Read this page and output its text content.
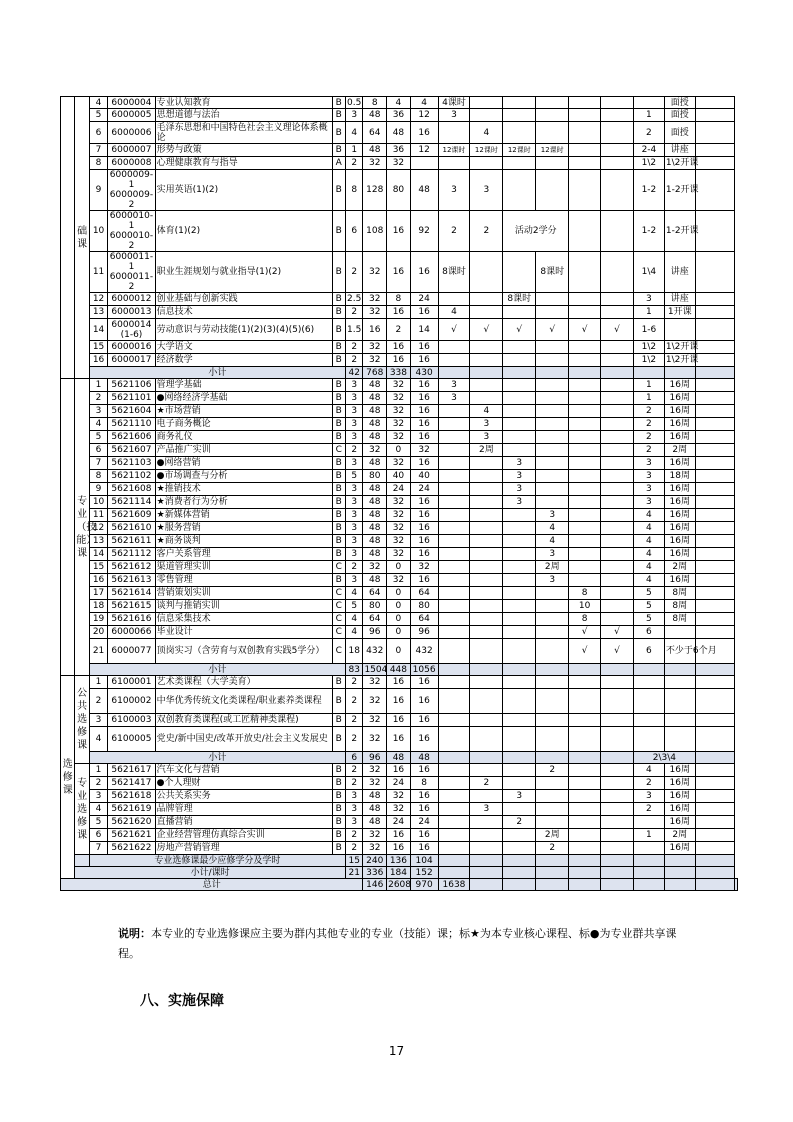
	础课	4	6000004	专业认知教育	B	0.5	8	4	4	4课时							面授		
		5	6000005	思想道德与法治	B	3	48	36	12	3						1	面授		
		6	6000006	毛泽东思想和中国特色社会主义理论体系概论	B	4	64	48	16		4					2	面授		
		7	6000007	形势与政策	B	1	48	36	12	12课时	12课时	12课时	12课时			2-4	讲座		
		8	6000008	心理健康教育与指导	A	2	32	32								1\2	1\2开课		
		9	6000009-1
6000009-2	实用英语(1)(2)	B	8	128	80	48	3	3					1-2	1-2开课		
		10	6000010-1
6000010-2	体育(1)(2)	B	6	108	16	92	2	2	活动2学分				1-2	1-2开课		
		11	6000011-1
6000011-2	职业生涯规划与就业指导(1)(2)	B	2	32	16	16	8课时			8课时			1\4	讲座		
		12	6000012	创业基础与创新实践	B	2.5	32	8	24			8课时				3	讲座		
		13	6000013	信息技术	B	2	32	16	16	4						1	1开课		
		14	6000014
(1-6)	劳动意识与劳动技能(1)(2)(3)(4)(5)(6)	B	1.5	16	2	14	√	√	√	√	√	√	1-6			
		15	6000016	大学语文	B	2	32	16	16							1\2	1\2开课		
		16	6000017	经济数学	B	2	32	16	16							1\2	1\2开课		
		小计				42	768	338	430										
	专业（技能）课	1	5621106	管理学基础	B	3	48	32	16	3						1	16周		
		2	5621101	●网络经济学基础	B	3	48	32	16	3						1	16周		
		3	5621604	★市场营销	B	3	48	32	16		4					2	16周		
		4	5621110	电子商务概论	B	3	48	32	16		3					2	16周		
		5	5621606	商务礼仪	B	3	48	32	16		3					2	16周		
		6	5621607	产品推广实训	C	2	32	0	32		2周					2	2周		
		7	5621103	●网络营销	B	3	48	32	16			3				3	16周		
		8	5621102	●市场调查与分析	B	5	80	40	40			3				3	18周		
		9	5621608	★推销技术	B	3	48	24	24			3				3	16周		
		10	5621114	★消费者行为分析	B	3	48	32	16			3				3	16周		
		11	5621609	★新媒体营销	B	3	48	32	16				3			4	16周		
		12	5621610	★服务营销	B	3	48	32	16				4			4	16周		
		13	5621611	★商务谈判	B	3	48	32	16				4			4	16周		
		14	5621112	客户关系管理	B	3	48	32	16				3			4	16周		
		15	5621612	渠道管理实训	C	2	32	0	32				2周			4	2周		
		16	5621613	零售管理	B	3	48	32	16				3			4	16周		
		17	5621614	营销策划实训	C	4	64	0	64					8		5	8周		
		18	5621615	谈判与推销实训	C	5	80	0	80					10		5	8周		
		19	5621616	信息采集技术	C	4	64	0	64					8		5	8周		
		20	6000066	毕业设计	C	4	96	0	96					√	√	6			
		21	6000077	顶岗实习（含劳育与双创教育实践5学分）	C	18	432	0	432					√	√	6	不少于6个月		
		小计				83	1504	448	1056										
选修课	公共选修课	1	6100001	艺术类课程（大学美育）	B	2	32	16	16										
		2	6100002	中华优秀传统文化类课程/职业素养类课程	B	2	32	16	16										
		3	6100003	双创教育类课程(或工匠精神类课程)	B	2	32	16	16										
		4	6100005	党史/新中国史/改革开放史/社会主义发展史	B	2	32	16	16										
		小计				6	96	48	48							2\3\4			
	专业选修课	1	5621617	汽车文化与营销	B	2	32	16	16				2			4	16周		
		2	5621417	●个人理财	B	2	32	24	8		2					2	16周		
		3	5621618	公共关系实务	B	3	48	32	16			3				3	16周		
		4	5621619	品牌管理	B	3	48	32	16		3					2	16周		
		5	5621620	直播营销	B	3	48	24	24			2					16周		
		6	5621621	企业经营管理仿真综合实训	B	2	32	16	16				2周			1	2周		
		7	5621622	房地产营销管理	B	2	32	16	16				2				16周		
		专业选修课最少应修学分及学时				15	240	136	104										
	小计/课时					21	336	184	152										
总计							146	2608	970	1638									
说明：本专业的专业选修课应主要为群内其他专业的专业（技能）课；标★为本专业核心课程、标●为专业群共享课程。
八、实施保障
17
